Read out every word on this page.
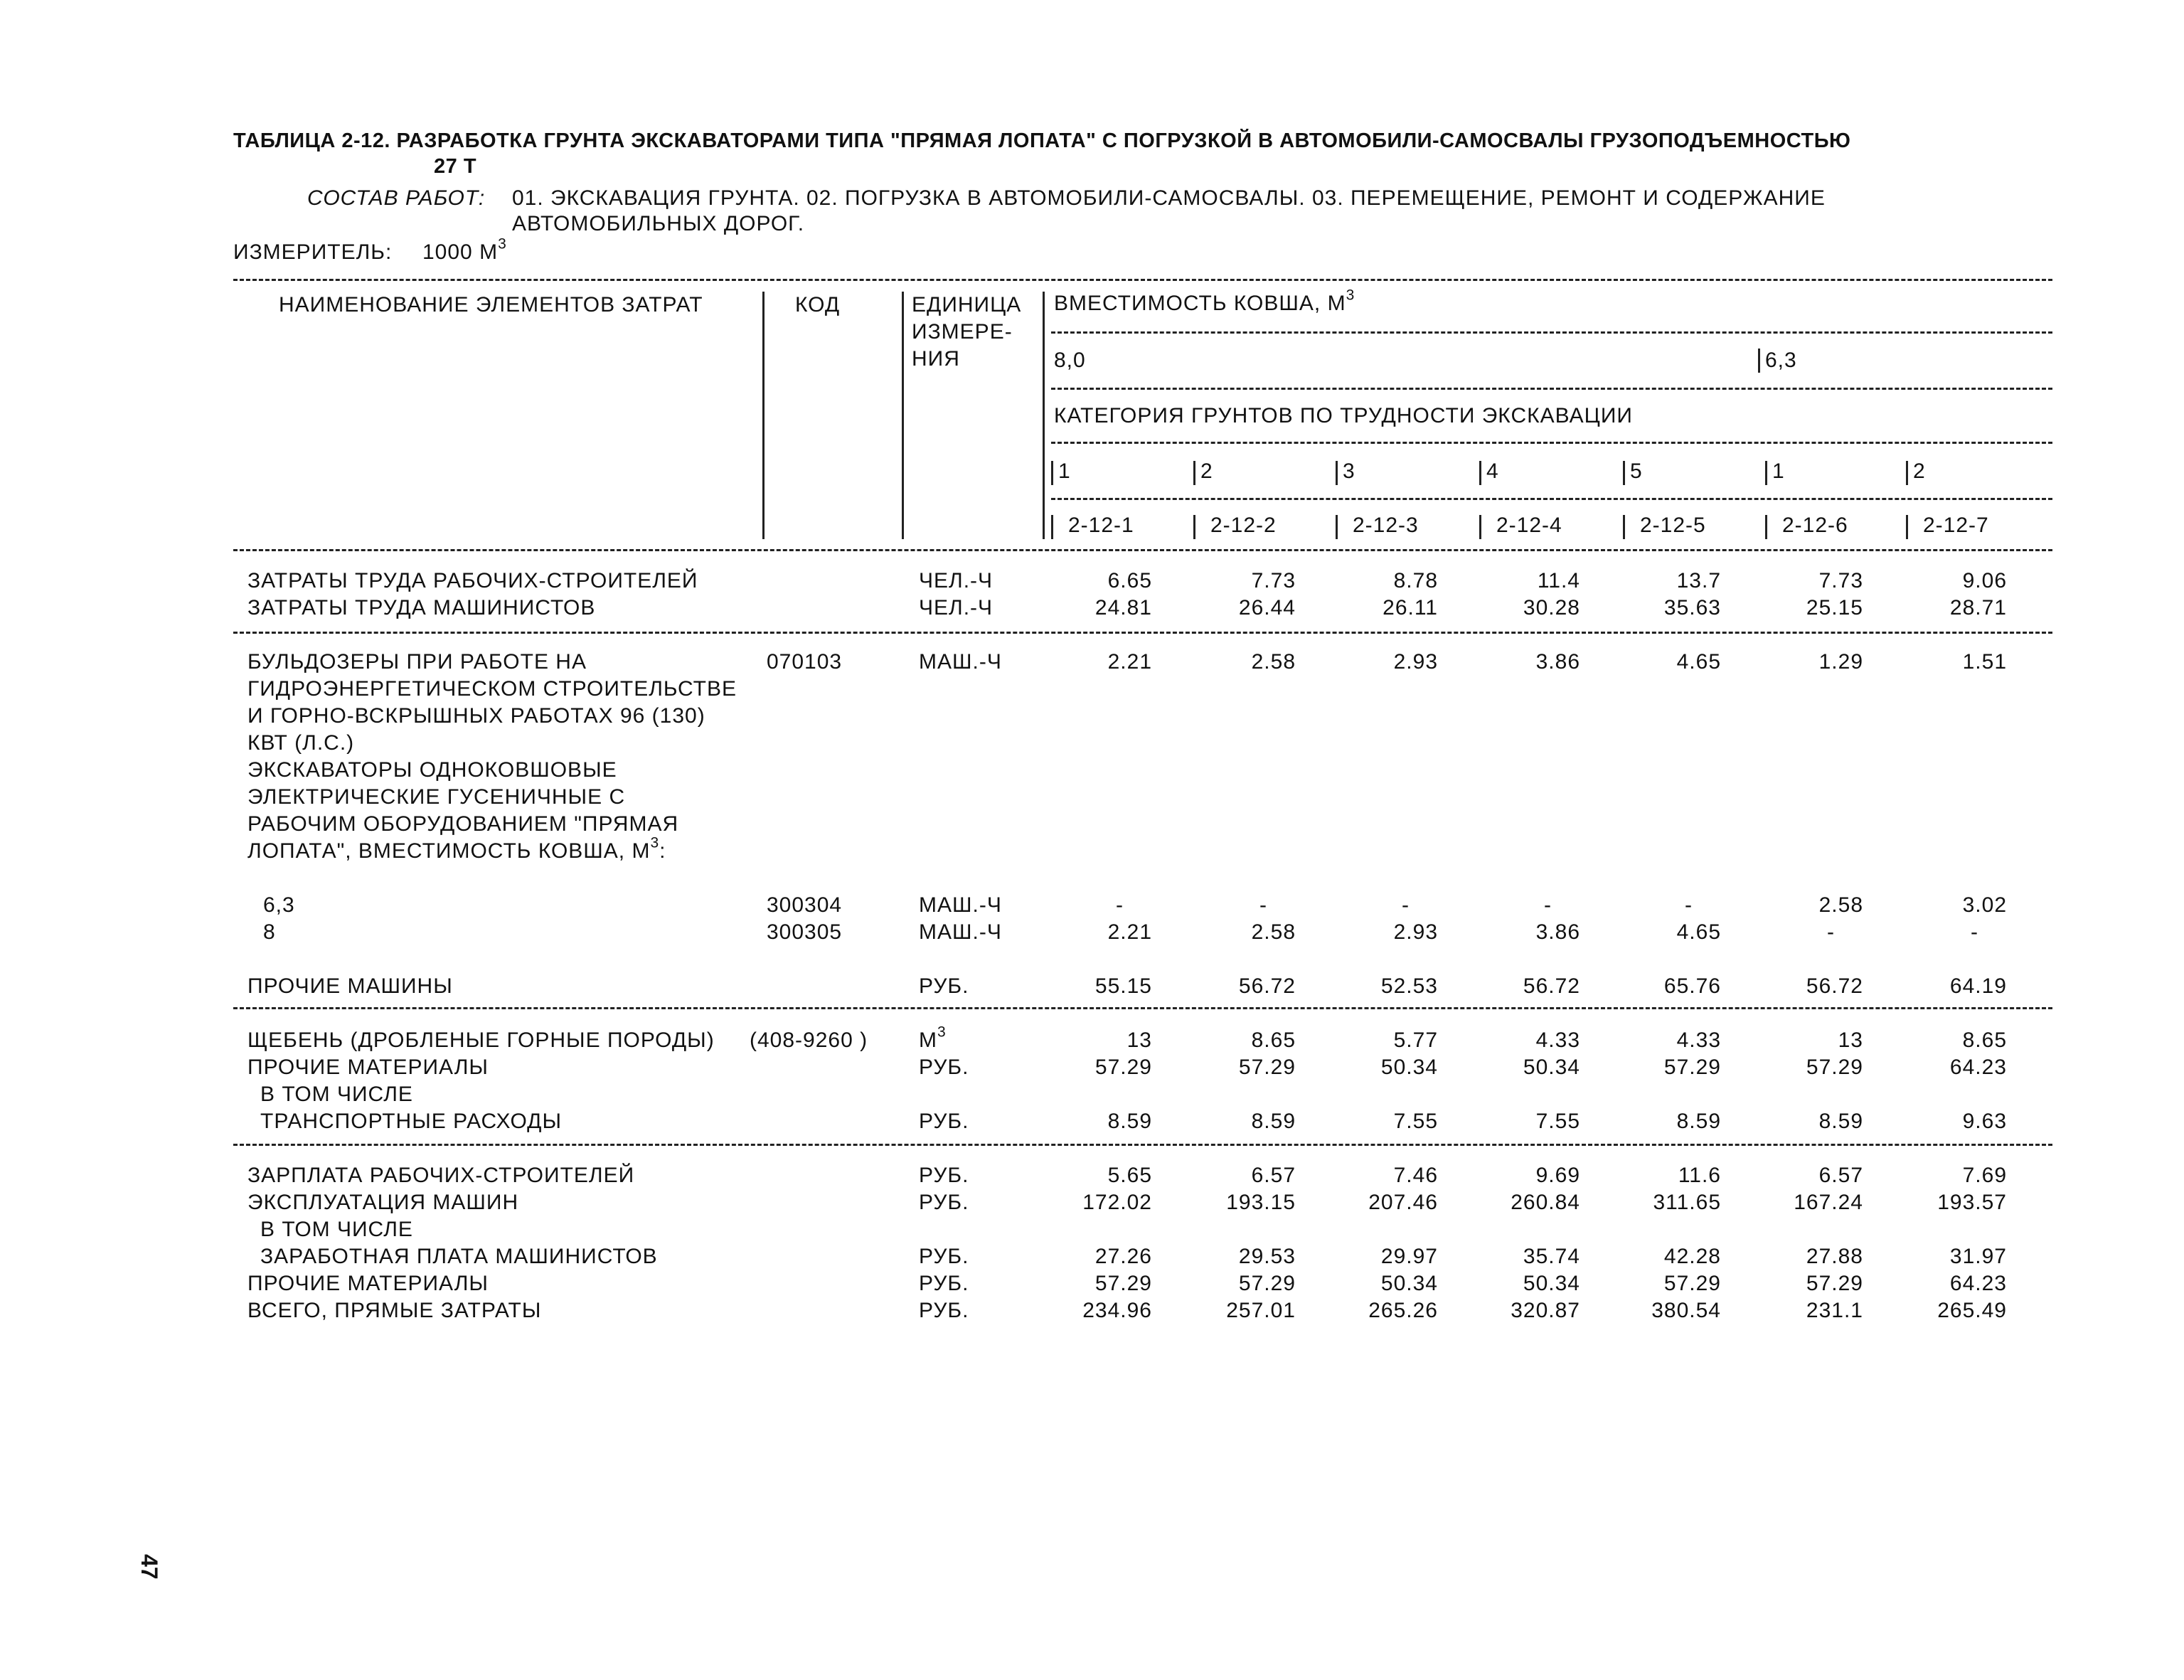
ТАБЛИЦА 2-12. РАЗРАБОТКА ГРУНТА ЭКСКАВАТОРАМИ ТИПА "ПРЯМАЯ ЛОПАТА" С ПОГРУЗКОЙ В АВТОМОБИЛИ-САМОСВАЛЫ ГРУЗОПОДЪЕМНОСТЬЮ
27 Т
СОСТАВ РАБОТ: 01. ЭКСКАВАЦИЯ ГРУНТА. 02. ПОГРУЗКА В АВТОМОБИЛИ-САМОСВАЛЫ. 03. ПЕРЕМЕЩЕНИЕ, РЕМОНТ И СОДЕРЖАНИЕ
АВТОМОБИЛЬНЫХ ДОРОГ.
ИЗМЕРИТЕЛЬ: 1000 $М^3$
НАИМЕНОВАНИЕ ЭЛЕМЕНТОВ ЗАТРАТ	КОД	ЕДИНИЦА
ИЗМЕРЕ-
НИЯ
ВМЕСТИМОСТЬ КОВША, $М^3$
8,0	6,3
КАТЕГОРИЯ ГРУНТОВ ПО ТРУДНОСТИ ЭКСКАВАЦИИ
1	2	3	4	5	1	2
2-12-1	2-12-2	2-12-3	2-12-4	2-12-5	2-12-6	2-12-7
ЗАТРАТЫ ТРУДА РАБОЧИХ-СТРОИТЕЛЕЙ	ЧЕЛ.-Ч	6.65	7.73	8.78	11.4	13.7	7.73	9.06
ЗАТРАТЫ ТРУДА МАШИНИСТОВ	ЧЕЛ.-Ч	24.81	26.44	26.11	30.28	35.63	25.15	28.71
БУЛЬДОЗЕРЫ ПРИ РАБОТЕ НА
ГИДРОЭНЕРГЕТИЧЕСКОМ СТРОИТЕЛЬСТВЕ
И ГОРНО-ВСКРЫШНЫХ РАБОТАХ 96 (130)
КВТ (Л.С.)
070103	МАШ.-Ч	2.21	2.58	2.93	3.86	4.65	1.29	1.51
ЭКСКАВАТОРЫ ОДНОКОВШОВЫЕ
ЭЛЕКТРИЧЕСКИЕ ГУСЕНИЧНЫЕ С
РАБОЧИМ ОБОРУДОВАНИЕМ "ПРЯМАЯ
ЛОПАТА", ВМЕСТИМОСТЬ КОВША, $М^3$:
6,3	300304	МАШ.-Ч	-	-	-	-	-	2.58	3.02
8	300305	МАШ.-Ч	2.21	2.58	2.93	3.86	4.65	-	-
ПРОЧИЕ МАШИНЫ	РУБ.	55.15	56.72	52.53	56.72	65.76	56.72	64.19
ЩЕБЕНЬ (ДРОБЛЕНЫЕ ГОРНЫЕ ПОРОДЫ) (408-9260 ) $М^3$	13	8.65	5.77	4.33	4.33	13	8.65
ПРОЧИЕ МАТЕРИАЛЫ	РУБ.	57.29	57.29	50.34	50.34	57.29	57.29	64.23
В ТОМ ЧИСЛЕ
ТРАНСПОРТНЫЕ РАСХОДЫ	РУБ.	8.59	8.59	7.55	7.55	8.59	8.59	9.63
ЗАРПЛАТА РАБОЧИХ-СТРОИТЕЛЕЙ	РУБ.	5.65	6.57	7.46	9.69	11.6	6.57	7.69
ЭКСПЛУАТАЦИЯ МАШИН	РУБ.	172.02	193.15	207.46	260.84	311.65	167.24	193.57
В ТОМ ЧИСЛЕ
ЗАРАБОТНАЯ ПЛАТА МАШИНИСТОВ	РУБ.	27.26	29.53	29.97	35.74	42.28	27.88	31.97
ПРОЧИЕ МАТЕРИАЛЫ	РУБ.	57.29	57.29	50.34	50.34	57.29	57.29	64.23
ВСЕГО, ПРЯМЫЕ ЗАТРАТЫ	РУБ.	234.96	257.01	265.26	320.87	380.54	231.1	265.49
47
